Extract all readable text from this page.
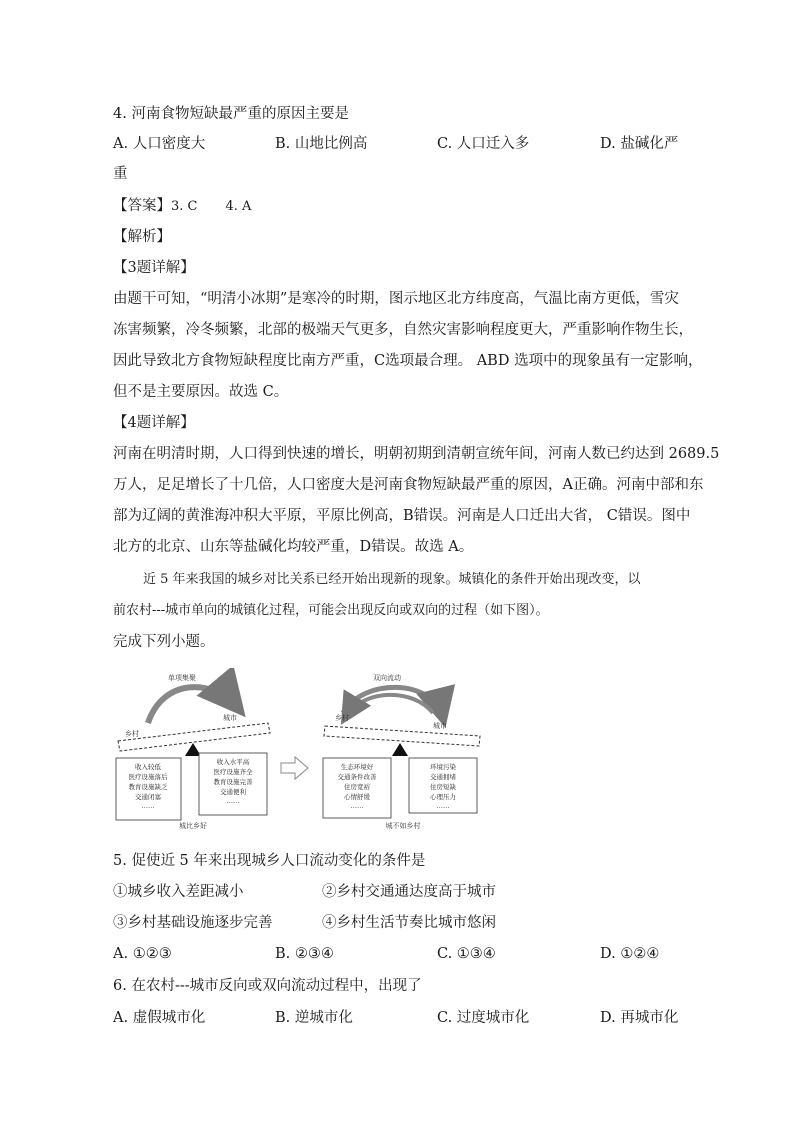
4. 河南食物短缺最严重的原因主要是
A. 人口密度大	B. 山地比例高	C. 人口迁入多	D. 盐碱化严
重
【答案】3. C 4. A
【解析】
【3题详解】
由题干可知，“明清小冰期”是寒冷的时期，图示地区北方纬度高，气温比南方更低，雪灾
冻害频繁，冷冬频繁，北部的极端天气更多，自然灾害影响程度更大，严重影响作物生长，
因此导致北方食物短缺程度比南方严重，C选项最合理。 ABD 选项中的现象虽有一定影响，
但不是主要原因。故选 C。
【4题详解】
河南在明清时期，人口得到快速的增长，明朝初期到清朝宣统年间，河南人数已约达到 2689.5
万人，足足增长了十几倍，人口密度大是河南食物短缺最严重的原因，A正确。河南中部和东
部为辽阔的黄淮海冲积大平原，平原比例高，B错误。河南是人口迁出大省， C错误。图中
北方的北京、山东等盐碱化均较严重，D错误。故选 A。
近 5 年来我国的城乡对比关系已经开始出现新的现象。城镇化的条件开始出现改变，以
前农村---城市单向的城镇化过程，可能会出现反向或双向的过程（如下图）。
完成下列小题。
单项集聚
乡村
城市
收入较低
医疗设施落后
教育设施缺乏
交通闭塞
……
收入水平高
医疗设施齐全
教育设施完善
交通便利
……
城比乡好
双向流动
乡村
城市
生态环境好
交通条件改善
住房宽裕
心情舒缓
……
环境污染
交通拥堵
住房短缺
心理压力
……
城不如乡村
5. 促使近 5 年来出现城乡人口流动变化的条件是
①城乡收入差距减小	②乡村交通通达度高于城市
③乡村基础设施逐步完善	④乡村生活节奏比城市悠闲
A. ①②③	B. ②③④	C. ①③④	D. ①②④
6. 在农村---城市反向或双向流动过程中，出现了
A. 虚假城市化	B. 逆城市化	C. 过度城市化	D. 再城市化
